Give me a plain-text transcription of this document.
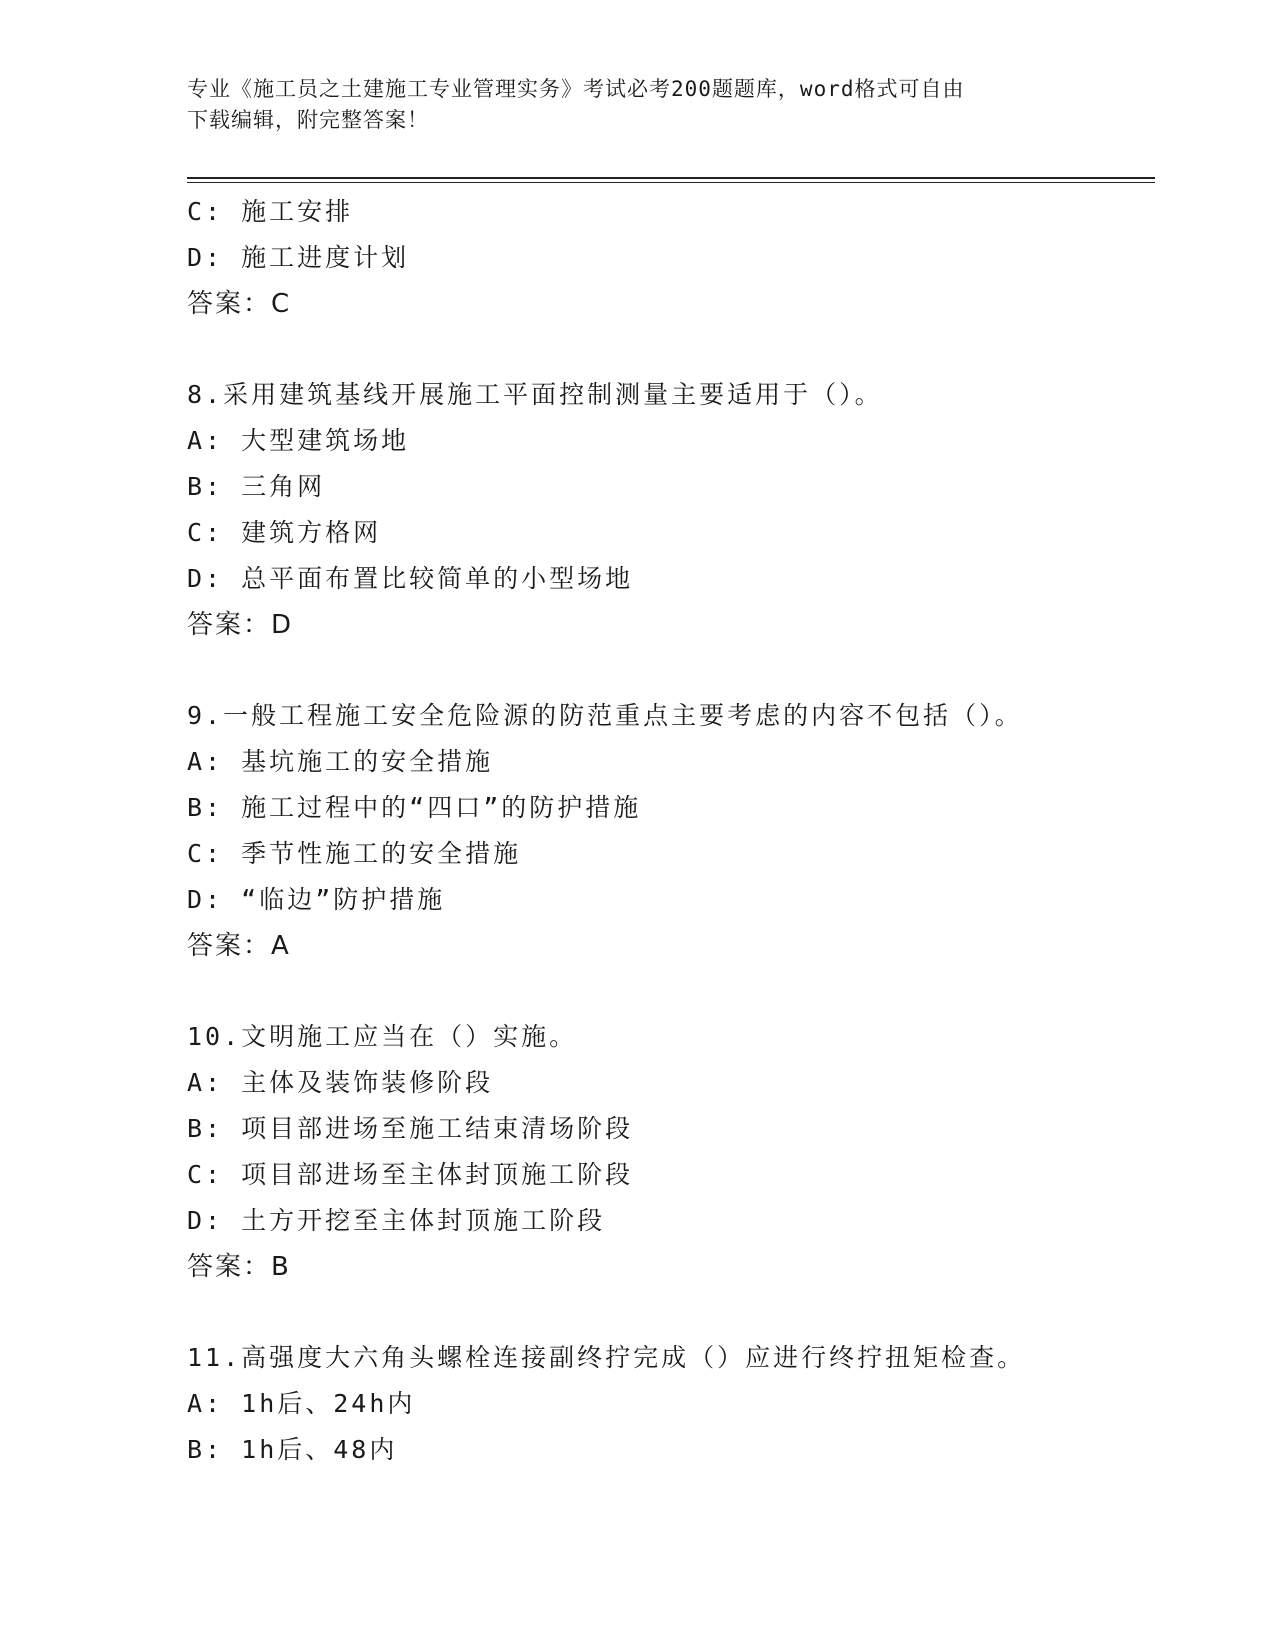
专业《施工员之土建施工专业管理实务》考试必考200题题库，word格式可自由
下载编辑，附完整答案！
C: 施工安排
D: 施工进度计划
答案：C
8.采用建筑基线开展施工平面控制测量主要适用于（）。
A: 大型建筑场地
B: 三角网
C: 建筑方格网
D: 总平面布置比较简单的小型场地
答案：D
9.一般工程施工安全危险源的防范重点主要考虑的内容不包括（）。
A: 基坑施工的安全措施
B: 施工过程中的“四口”的防护措施
C: 季节性施工的安全措施
D: “临边”防护措施
答案：A
10.文明施工应当在（）实施。
A: 主体及装饰装修阶段
B: 项目部进场至施工结束清场阶段
C: 项目部进场至主体封顶施工阶段
D: 土方开挖至主体封顶施工阶段
答案：B
11.高强度大六角头螺栓连接副终拧完成（）应进行终拧扭矩检查。
A: 1h后、24h内
B: 1h后、48内
